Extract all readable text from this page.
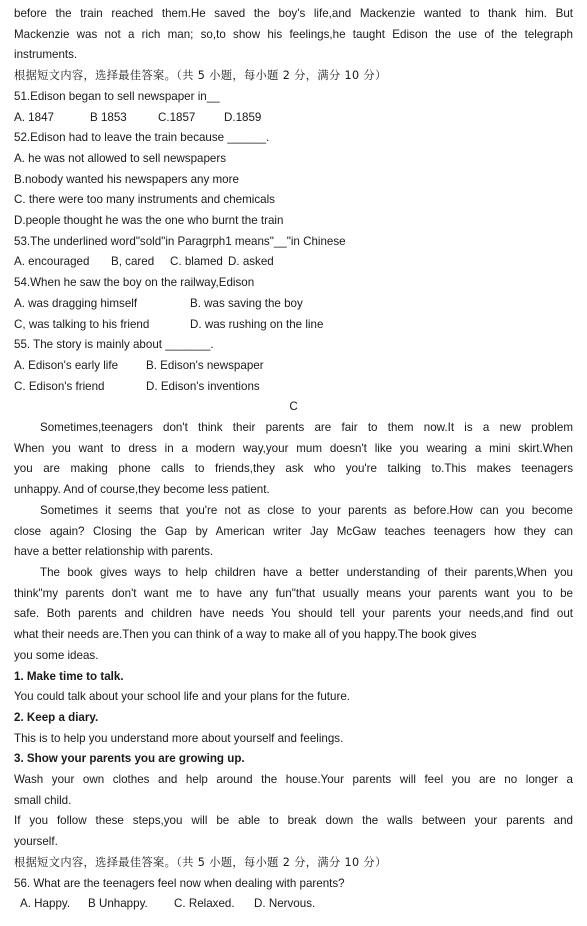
before the train reached them.He saved the boy's life,and Mackenzie wanted to thank him. But
Mackenzie was not a rich man; so,to show his feelings,he taught Edison the use of the telegraph
instruments.
根据短文内容，选择最佳答案。（共 5 小题，每小题 2 分，满分 10 分）
51.Edison began to sell newspaper in__
A. 1847	B 1853	C.1857	D.1859
52.Edison had to leave the train because ______.
A. he was not allowed to sell newspapers
B.nobody wanted his newspapers any more
C. there were too many instruments and chemicals
D.people thought he was the one who burnt the train
53.The underlined word"sold"in Paragrph1 means"__"in Chinese
A. encouraged	B, cared	C. blamed D. asked
54.When he saw the boy on the railway,Edison
A. was dragging himself	B. was saving the boy
C, was talking to his friend	D. was rushing on the line
55. The story is mainly about _______.
A. Edison's early life	B. Edison's newspaper
C. Edison's friend	D. Edison's inventions
C
Sometimes,teenagers don't think their parents are fair to them now.It is a new problem
When you want to dress in a modern way,your mum doesn't like you wearing a mini skirt.When
you are making phone calls to friends,they ask who you're talking to.This makes teenagers
unhappy. And of course,they become less patient.
Sometimes it seems that you're not as close to your parents as before.How can you become
close again? Closing the Gap by American writer Jay McGaw teaches teenagers how they can
have a better relationship with parents.
The book gives ways to help children have a better understanding of their parents,When you
think"my parents don't want me to have any fun"that usually means your parents want you to be
safe. Both parents and children have needs You should tell your parents your needs,and find out
what their needs are.Then you can think of a way to make all of you happy.The book gives
you some ideas.
1. Make time to talk.
You could talk about your school life and your plans for the future.
2. Keep a diary.
This is to help you understand more about yourself and feelings.
3. Show your parents you are growing up.
Wash your own clothes and help around the house.Your parents will feel you are no longer a
small child.
If you follow these steps,you will be able to break down the walls between your parents and
yourself.
根据短文内容，选择最佳答案。（共 5 小题，每小题 2 分，满分 10 分）
56. What are the teenagers feel now when dealing with parents?
A. Happy.	B Unhappy.	C. Relaxed.	D. Nervous.
